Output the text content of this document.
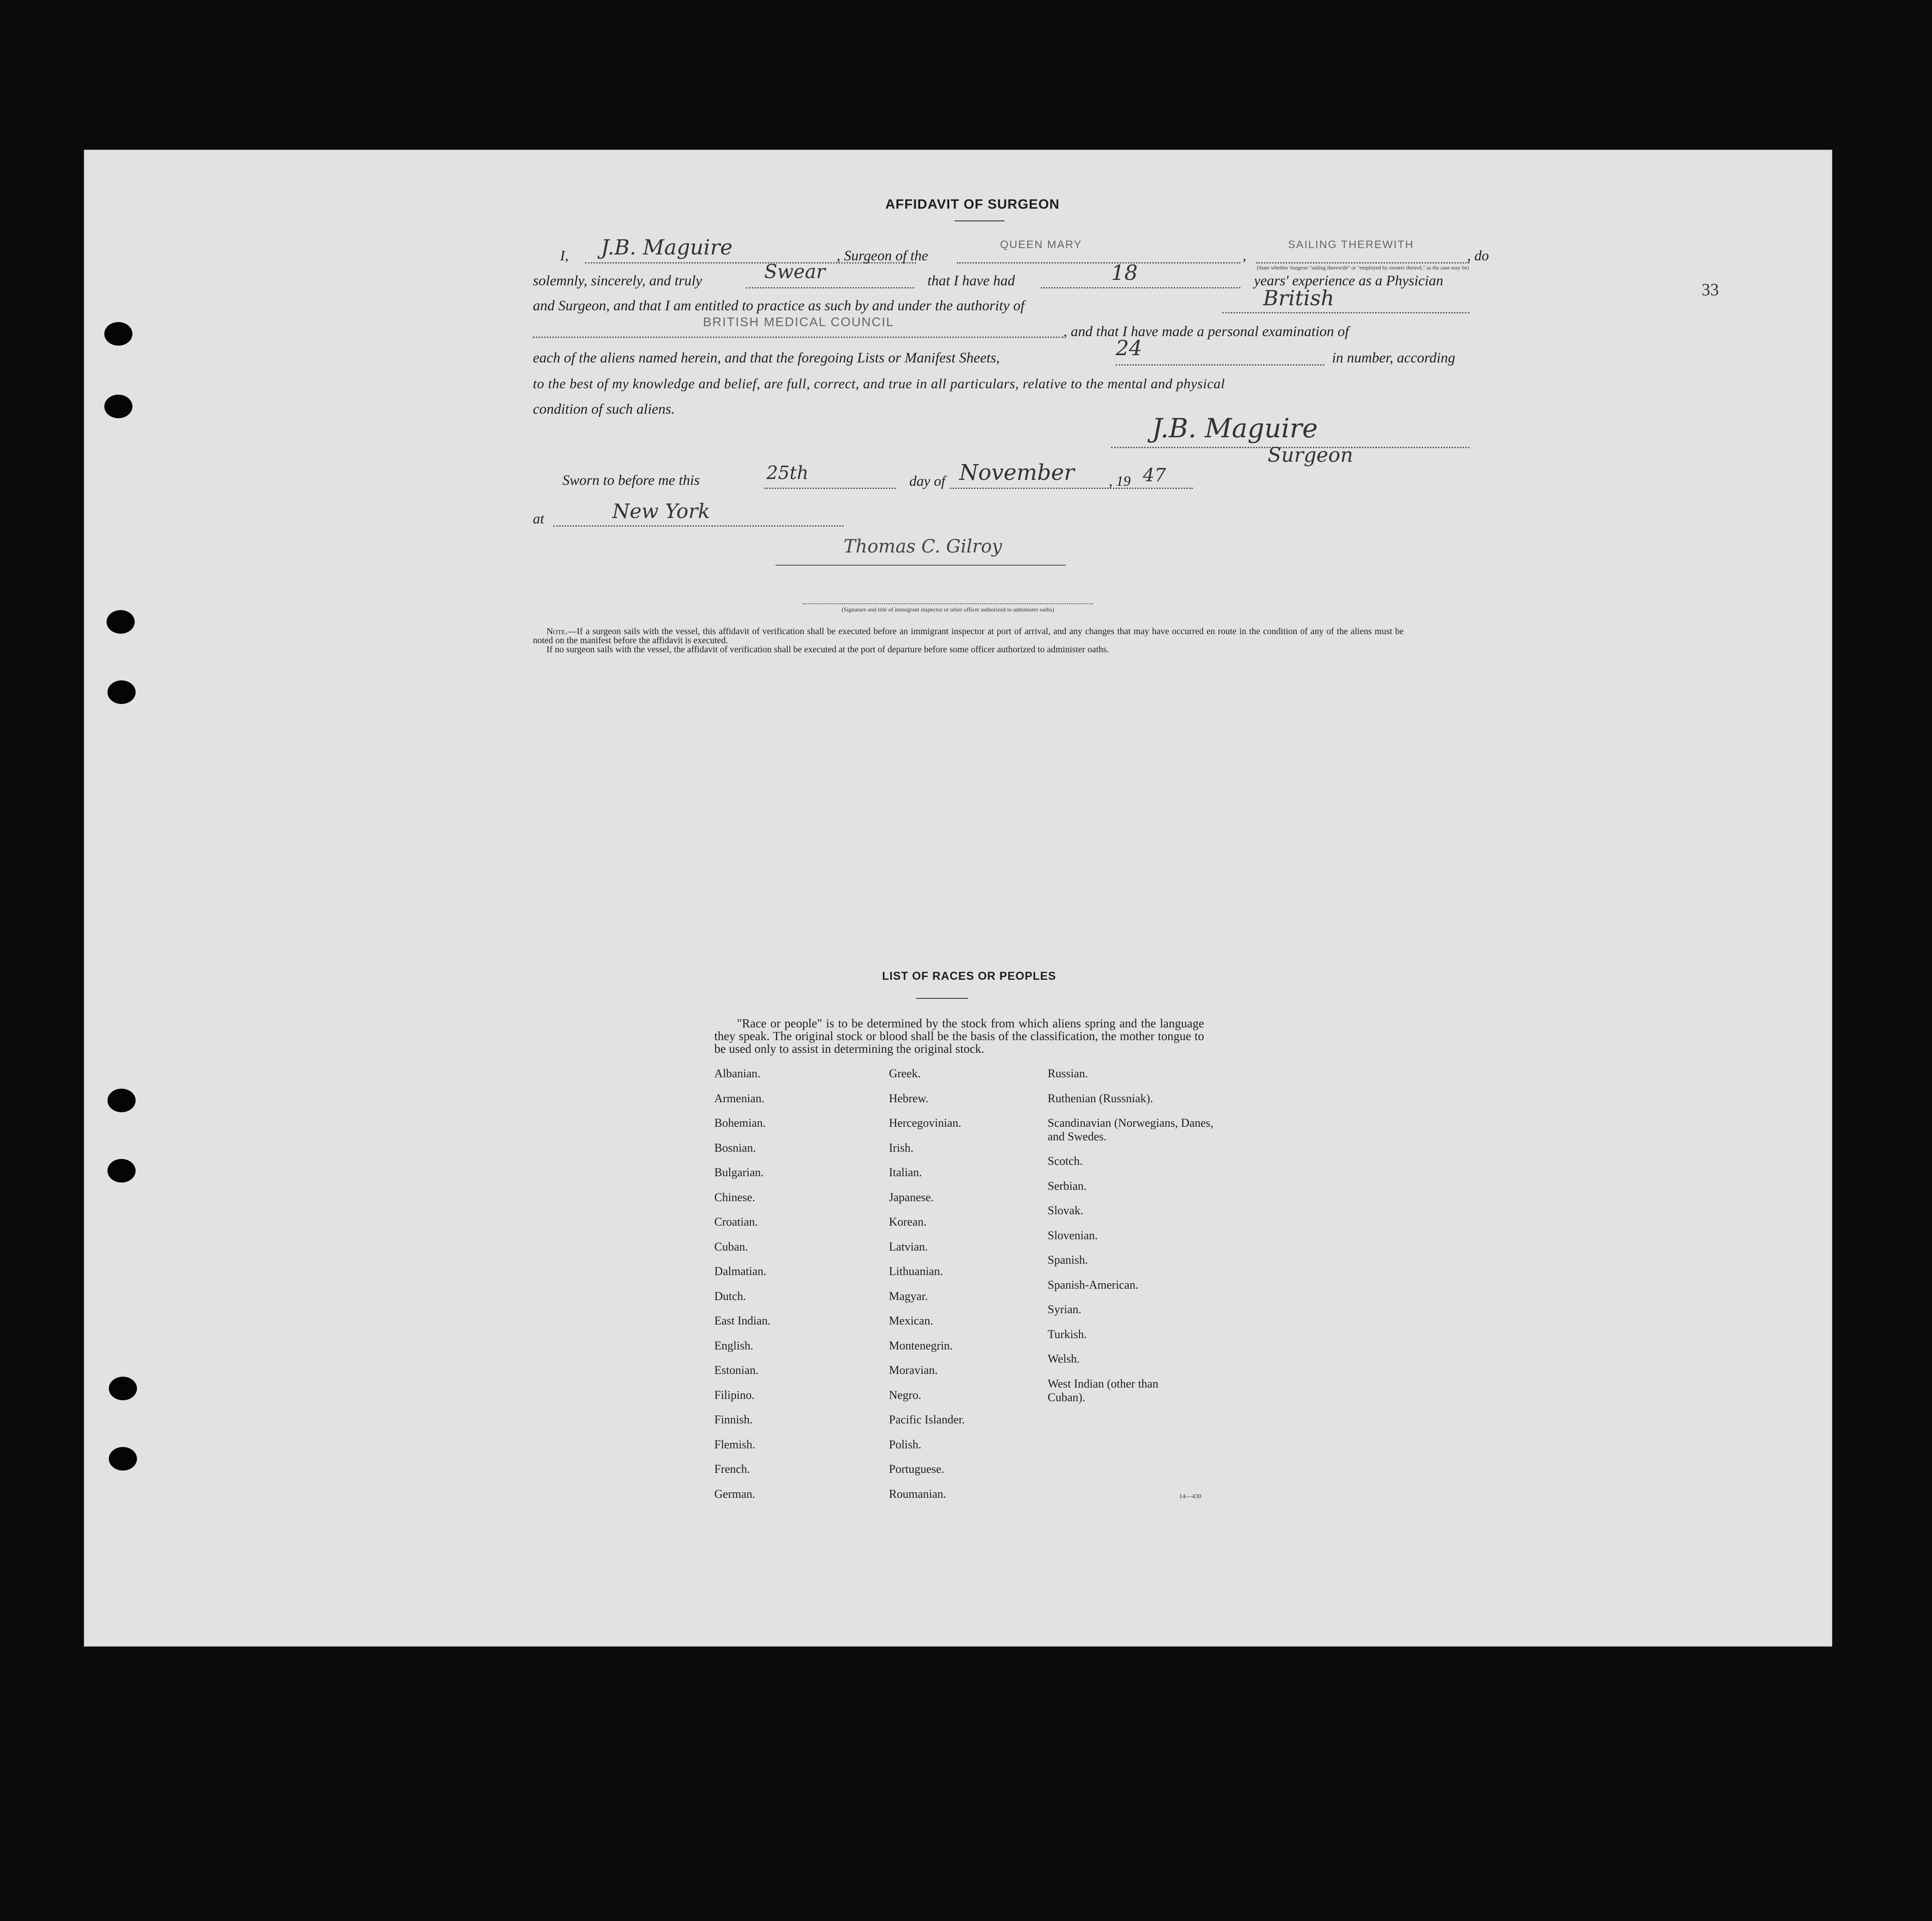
33
AFFIDAVIT OF SURGEON
I, J.B. Maguire	, Surgeon of the
QUEEN MARY
,
SAILING THEREWITH
(State whether Surgeon "sailing therewith" or "employed by owners thereof," as the case may be)
, do
solemnly, sincerely, and truly	Swear	that I have had	18	years' experience as a Physician
and Surgeon, and that I am entitled to practice as such by and under the authority of	British
BRITISH MEDICAL COUNCIL
, and that I have made a personal examination of
each of the aliens named herein, and that the foregoing Lists or Manifest Sheets,	24	in number, according
to the best of my knowledge and belief, are full, correct, and true in all particulars, relative to the mental and physical
condition of such aliens.
J.B. Maguire
Surgeon
Sworn to before me this	25th	day of November , 19 47
at	New York
Thomas C. Gilroy
(Signature and title of immigrant inspector or other officer authorized to administer oaths)
Note.—If a surgeon sails with the vessel, this affidavit of verification shall be executed before an immigrant inspector at port of arrival, and any changes that may have occurred en route in the condition of any of the aliens must be noted on the manifest before the affidavit is executed.
If no surgeon sails with the vessel, the affidavit of verification shall be executed at the port of departure before some officer authorized to administer oaths.
LIST OF RACES OR PEOPLES
"Race or people" is to be determined by the stock from which aliens spring and the language they speak. The original stock or blood shall be the basis of the classification, the mother tongue to be used only to assist in determining the original stock.
Albanian.
Armenian.
Bohemian.
Bosnian.
Bulgarian.
Chinese.
Croatian.
Cuban.
Dalmatian.
Dutch.
East Indian.
English.
Estonian.
Filipino.
Finnish.
Flemish.
French.
German.
Greek.
Hebrew.
Hercegovinian.
Irish.
Italian.
Japanese.
Korean.
Latvian.
Lithuanian.
Magyar.
Mexican.
Montenegrin.
Moravian.
Negro.
Pacific Islander.
Polish.
Portuguese.
Roumanian.
Russian.
Ruthenian (Russniak).
Scandinavian (Norwegians, Danes, and Swedes.
Scotch.
Serbian.
Slovak.
Slovenian.
Spanish.
Spanish-American.
Syrian.
Turkish.
Welsh.
West Indian (other than Cuban).
14—430
